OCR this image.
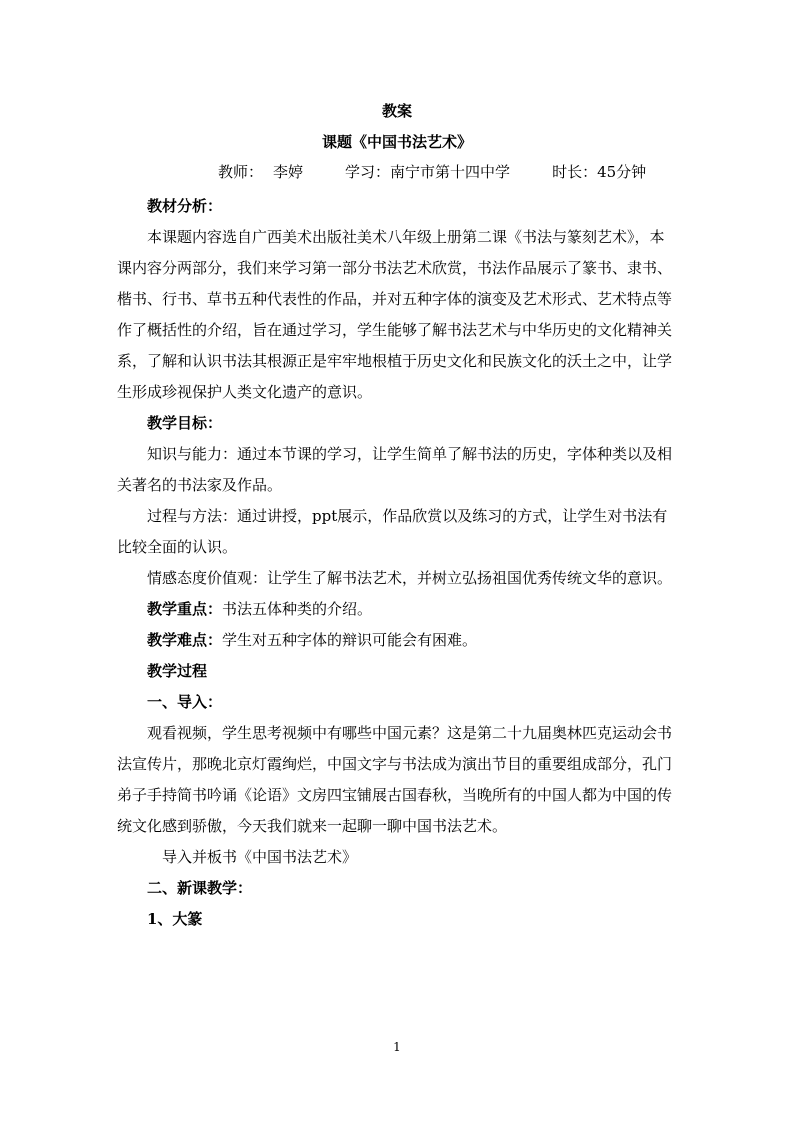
教案
课题《中国书法艺术》
教师： 李婷	学习：南宁市第十四中学	时长：45分钟

教材分析：

本课题内容选自广西美术出版社美术八年级上册第二课《书法与篆刻艺术》，本课内容分两部分，我们来学习第一部分书法艺术欣赏，书法作品展示了篆书、隶书、楷书、行书、草书五种代表性的作品，并对五种字体的演变及艺术形式、艺术特点等作了概括性的介绍，旨在通过学习，学生能够了解书法艺术与中华历史的文化精神关系，了解和认识书法其根源正是牢牢地根植于历史文化和民族文化的沃土之中，让学生形成珍视保护人类文化遗产的意识。

教学目标：

知识与能力：通过本节课的学习，让学生简单了解书法的历史，字体种类以及相关著名的书法家及作品。

过程与方法：通过讲授，ppt展示，作品欣赏以及练习的方式，让学生对书法有比较全面的认识。

情感态度价值观：让学生了解书法艺术，并树立弘扬祖国优秀传统文华的意识。

教学重点：书法五体种类的介绍。

教学难点：学生对五种字体的辩识可能会有困难。

教学过程

一、导入：

观看视频，学生思考视频中有哪些中国元素？这是第二十九届奥林匹克运动会书法宣传片，那晚北京灯霞绚烂，中国文字与书法成为演出节目的重要组成部分，孔门弟子手持简书吟诵《论语》文房四宝铺展古国春秋，当晚所有的中国人都为中国的传统文化感到骄傲，今天我们就来一起聊一聊中国书法艺术。

导入并板书《中国书法艺术》

二、新课教学：

1、大篆

1
